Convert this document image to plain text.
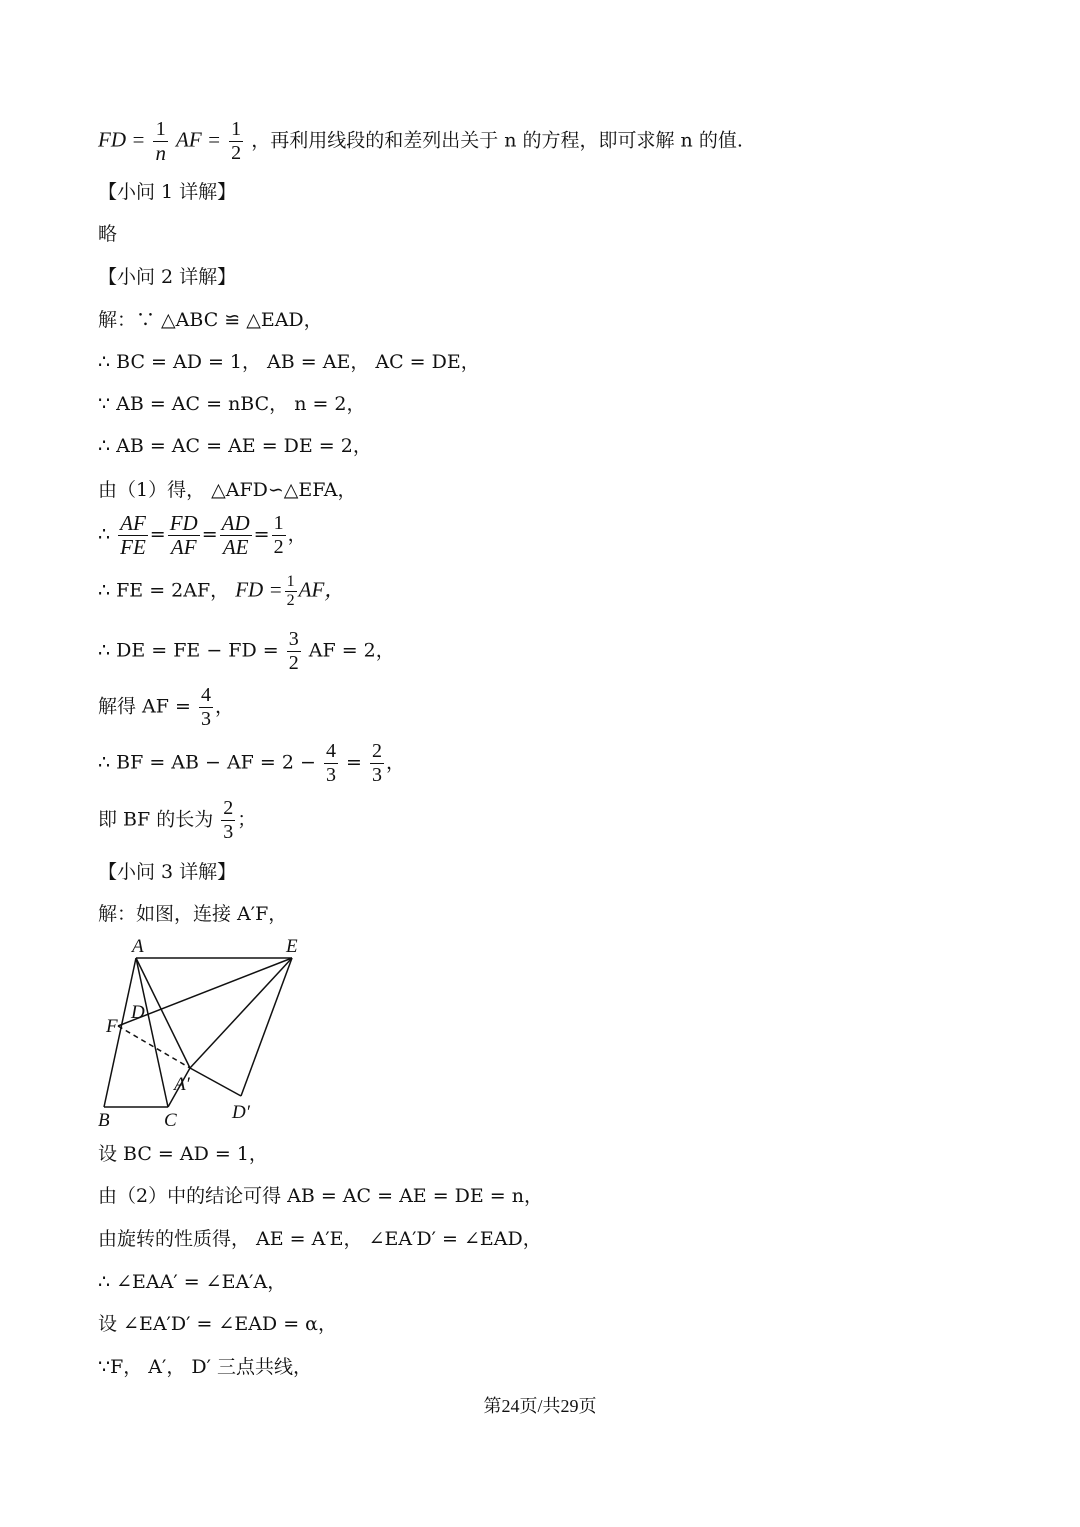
FD = $\frac{1}{n}$ AF = $\frac{1}{2}$ ，再利用线段的和差列出关于 n 的方程，即可求解 n 的值.
【小问 1 详解】
略
【小问 2 详解】
解：∵ △ABC ≌ △EAD，
∴ BC = AD = 1， AB = AE， AC = DE，
∵ AB = AC = nBC， n = 2，
∴ AB = AC = AE = DE = 2，
由（1）得， △AFD∽△EFA，
∴ $\frac{AF}{FE} = \frac{FD}{AF} = \frac{AD}{AE} = \frac{1}{2}$ ，
∴ FE = 2AF， FD = $\frac{1}{2}$ AF，
∴ DE = FE − FD = $\frac{3}{2}$ AF = 2，
解得 AF = $\frac{4}{3}$ ，
∴ BF = AB − AF = $2 - \frac{4}{3} = \frac{2}{3}$ ，
即 BF 的长为 $\frac{2}{3}$ ；
【小问 3 详解】
解：如图，连接 A′F，
A	E
D
F
A′
B	C	D′
设 BC = AD = 1，
由（2）中的结论可得 AB = AC = AE = DE = n，
由旋转的性质得， AE = A′E， ∠EA′D′ = ∠EAD，
∴ ∠EAA′ = ∠EA′A，
设 ∠EA′D′ = ∠EAD = α，
∵F， A′， D′ 三点共线，
第24页/共29页
